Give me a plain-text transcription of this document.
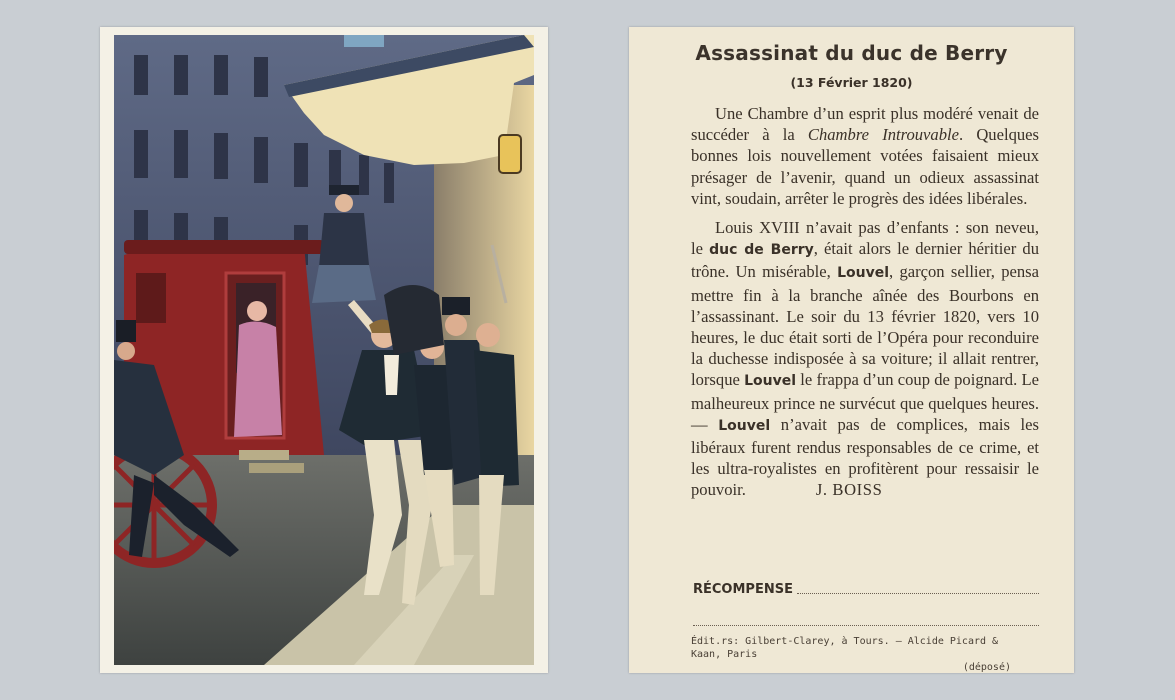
Assassinat du duc de Berry
(13 Février 1820)

Une Chambre d’un esprit plus modéré venait de succéder à la Chambre Introuvable. Quelques bonnes lois nouvellement votées faisaient mieux présager de l’avenir, quand un odieux assassinat vint, soudain, arrêter le progrès des idées libérales.

Louis XVIII n’avait pas d’enfants : son neveu, le duc de Berry, était alors le dernier héritier du trône. Un misérable, Louvel, garçon sellier, pensa mettre fin à la branche aînée des Bourbons en l’assassinant. Le soir du 13 février 1820, vers 10 heures, le duc était sorti de l’Opéra pour reconduire la duchesse indisposée à sa voiture; il allait rentrer, lorsque Louvel le frappa d’un coup de poignard. Le malheureux prince ne survécut que quelques heures. — Louvel n’avait pas de complices, mais les libéraux furent rendus responsables de ce crime, et les ultra-royalistes en profitèrent pour ressaisir le pouvoir.	J. BOISS

RÉCOMPENSE
Édit.rs: Gilbert-Clarey, à Tours. — Alcide Picard & Kaan, Paris
(déposé)
